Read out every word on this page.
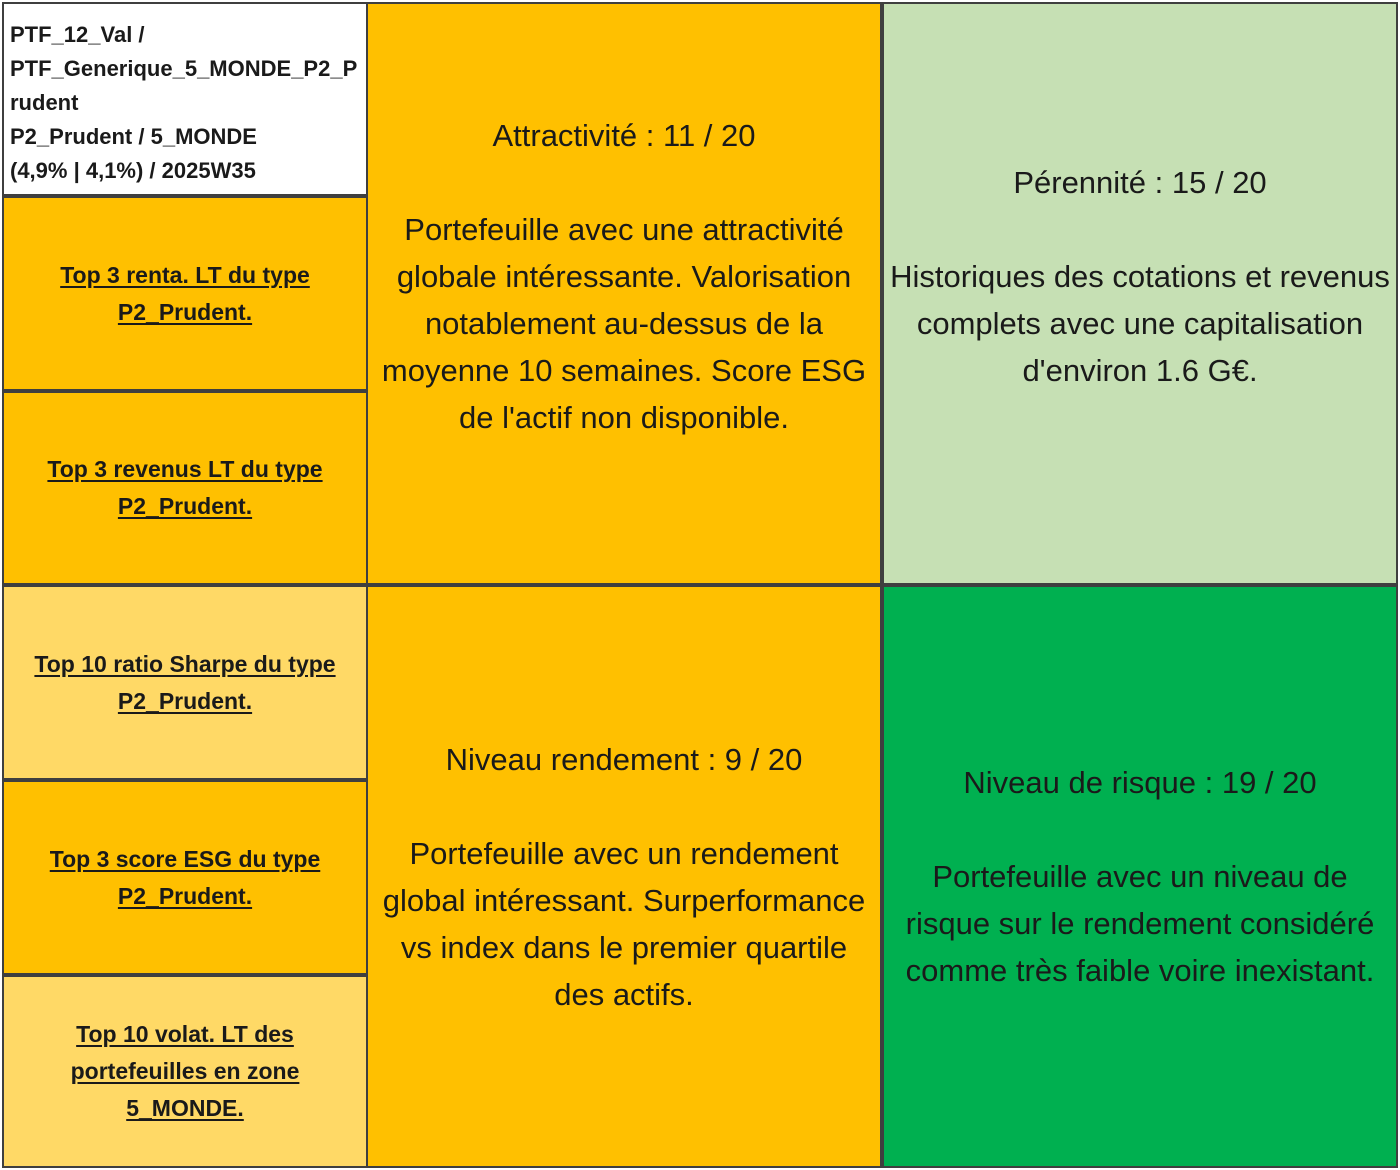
PTF_12_Val /
PTF_Generique_5_MONDE_P2_Prudent
P2_Prudent / 5_MONDE
(4,9% | 4,1%) / 2025W35
Top 3 renta. LT du type P2_Prudent.
Top 3 revenus LT du type P2_Prudent.
Top 10 ratio Sharpe du type P2_Prudent.
Top 3 score ESG du type P2_Prudent.
Top 10 volat. LT des portefeuilles en zone 5_MONDE.
Attractivité : 11 / 20
Portefeuille avec une attractivité globale intéressante. Valorisation notablement au-dessus de la moyenne 10 semaines. Score ESG de l'actif non disponible.
Pérennité : 15 / 20
Historiques des cotations et revenus complets avec une capitalisation d'environ 1.6 G€.
Niveau rendement : 9 / 20
Portefeuille avec un rendement global intéressant. Surperformance vs index dans le premier quartile des actifs.
Niveau de risque : 19 / 20
Portefeuille avec un niveau de risque sur le rendement considéré comme très faible voire inexistant.
